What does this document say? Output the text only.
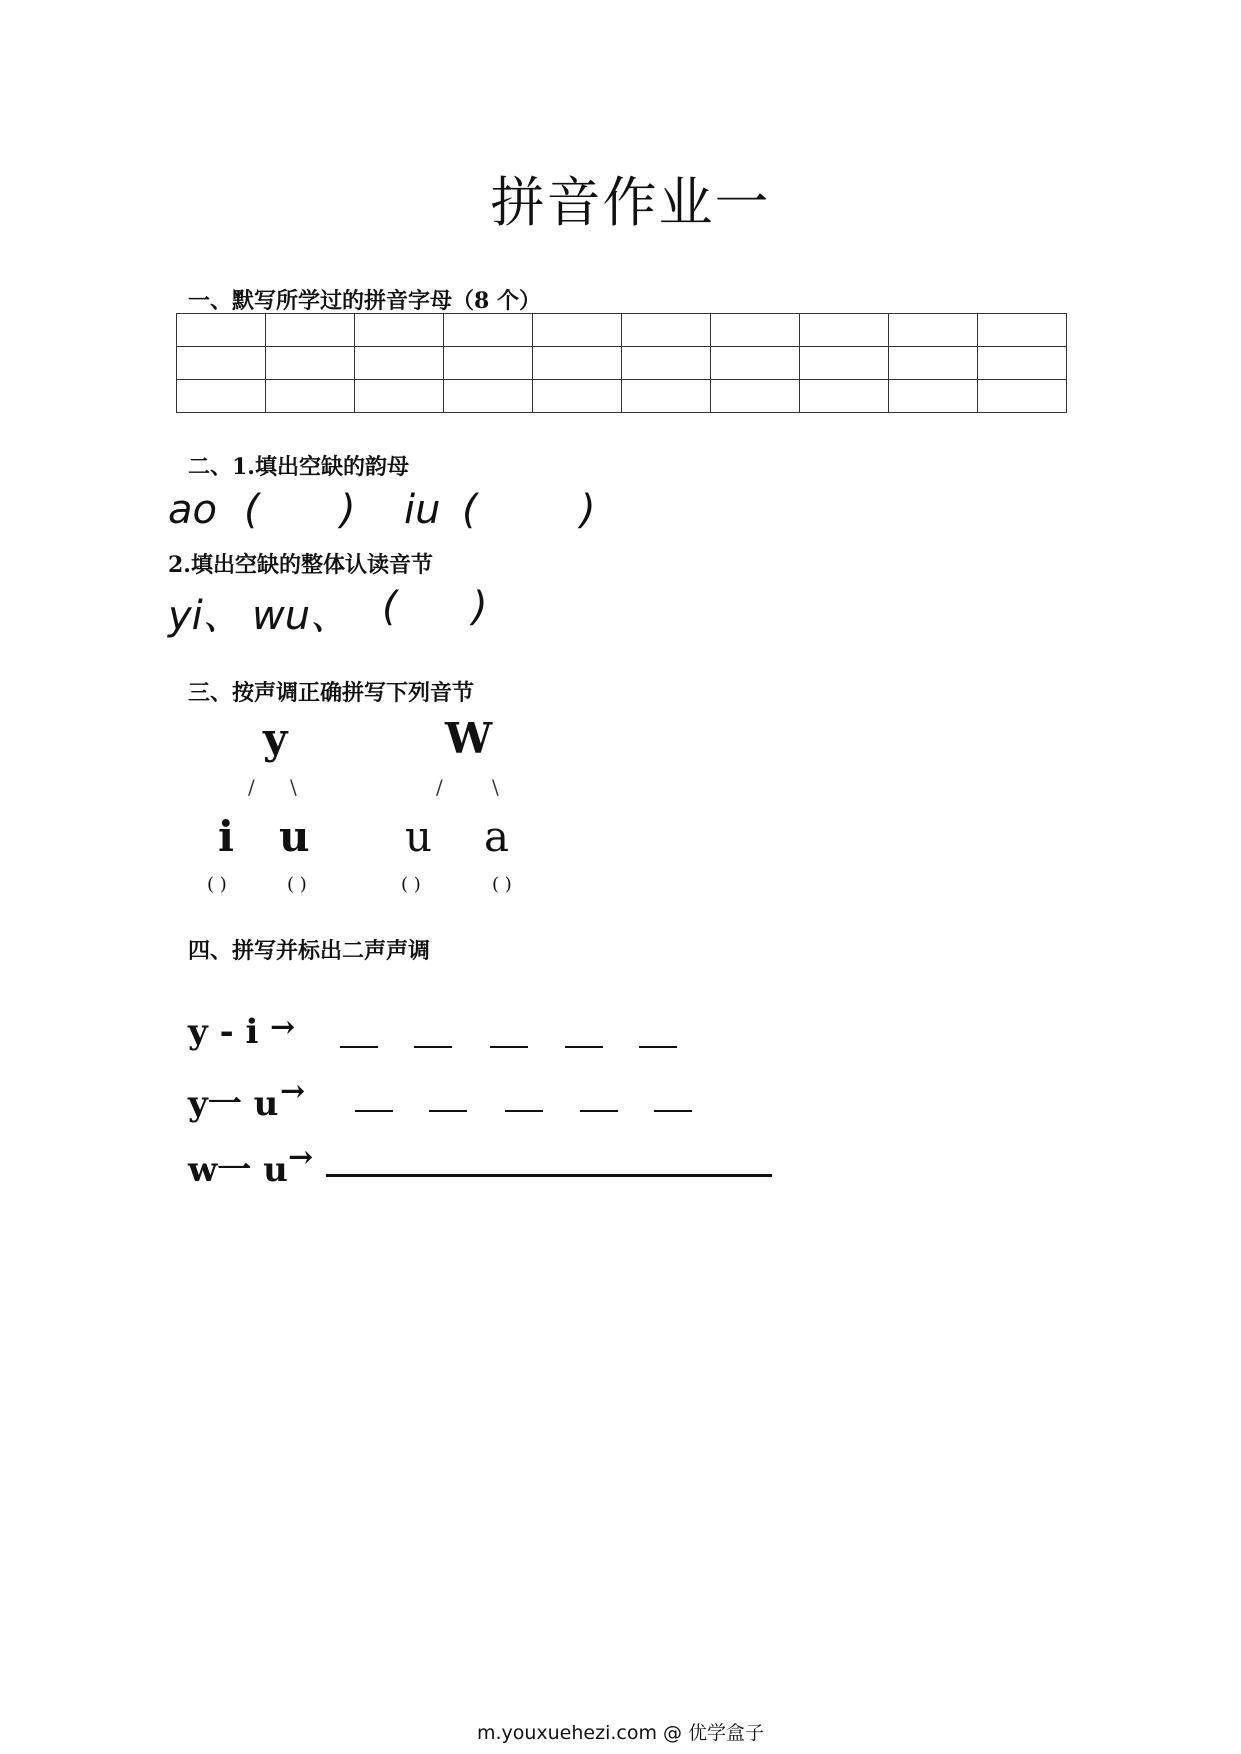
拼音作业一
一、默写所学过的拼音字母（8 个）

二、1.填出空缺的韵母
ao ( ) iu (	)
2.填出空缺的整体认读音节
yi、 wu、 ( )
三、按声调正确拼写下列音节
y
/ \
i u
( )	( )
W
/ \
u a
( )	( )
四、拼写并标出二声声调
y - i →
y一 u →
w一 u →
m.youxuehezi.com @ 优学盒子
